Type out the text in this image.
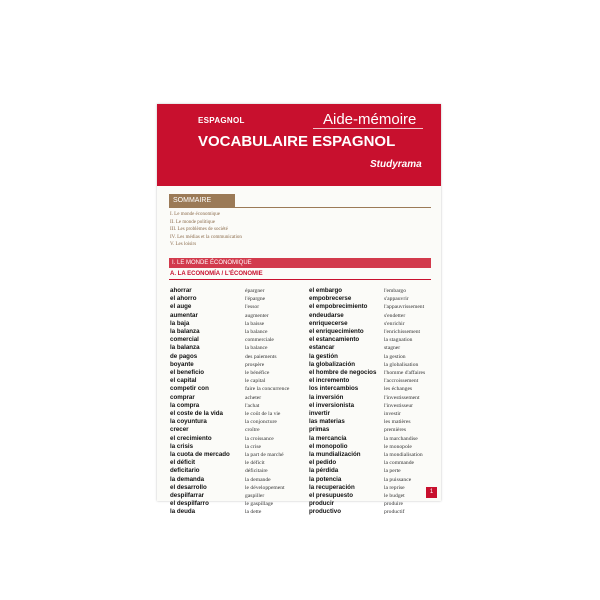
ESPAGNOL	Aide-mémoire
VOCABULAIRE ESPAGNOL
Studyrama
SOMMAIRE
I. Le monde économique
II. Le monde politique
III. Les problèmes de société
IV. Les médias et la communication
V. Les loisirs
I. LE MONDE ÉCONOMIQUE
A. LA ECONOMÍA / L'ÉCONOMIE
ahorrar
el ahorro
el auge
aumentar
la baja
la balanza
comercial
la balanza
de pagos
boyante
el beneficio
el capital
competir con
comprar
la compra
el coste de la vida
la coyuntura
crecer
el crecimiento
la crisis
la cuota de mercado
el déficit
deficitario
la demanda
el desarrollo
despilfarrar
el despilfarro
la deuda
épargner
l'épargne
l'essor
augmenter
la baisse
la balance
commerciale
la balance
des paiements
prospère
le bénéfice
le capital
faire la concurrence
acheter
l'achat
le coût de la vie
la conjoncture
croître
la croissance
la crise
la part de marché
le déficit
déficitaire
la demande
le développement
gaspiller
le gaspillage
la dette
el embargo
empobrecerse
el empobrecimiento
endeudarse
enriquecerse
el enriquecimiento
el estancamiento
estancar
la gestión
la globalización
el hombre de negocios
el incremento
los intercambios
la inversión
el inversionista
invertir
las materias
primas
la mercancía
el monopolio
la mundialización
el pedido
la pérdida
la potencia
la recuperación
el presupuesto
producir
productivo
l'embargo
s'appauvrir
l'appauvrissement
s'endetter
s'enrichir
l'enrichissement
la stagnation
stagner
la gestion
la globalisation
l'homme d'affaires
l'accroissement
les échanges
l'investissement
l'investisseur
investir
les matières
premières
la marchandise
le monopole
la mondialisation
la commande
la perte
la puissance
la reprise
le budget
produire
productif
1
